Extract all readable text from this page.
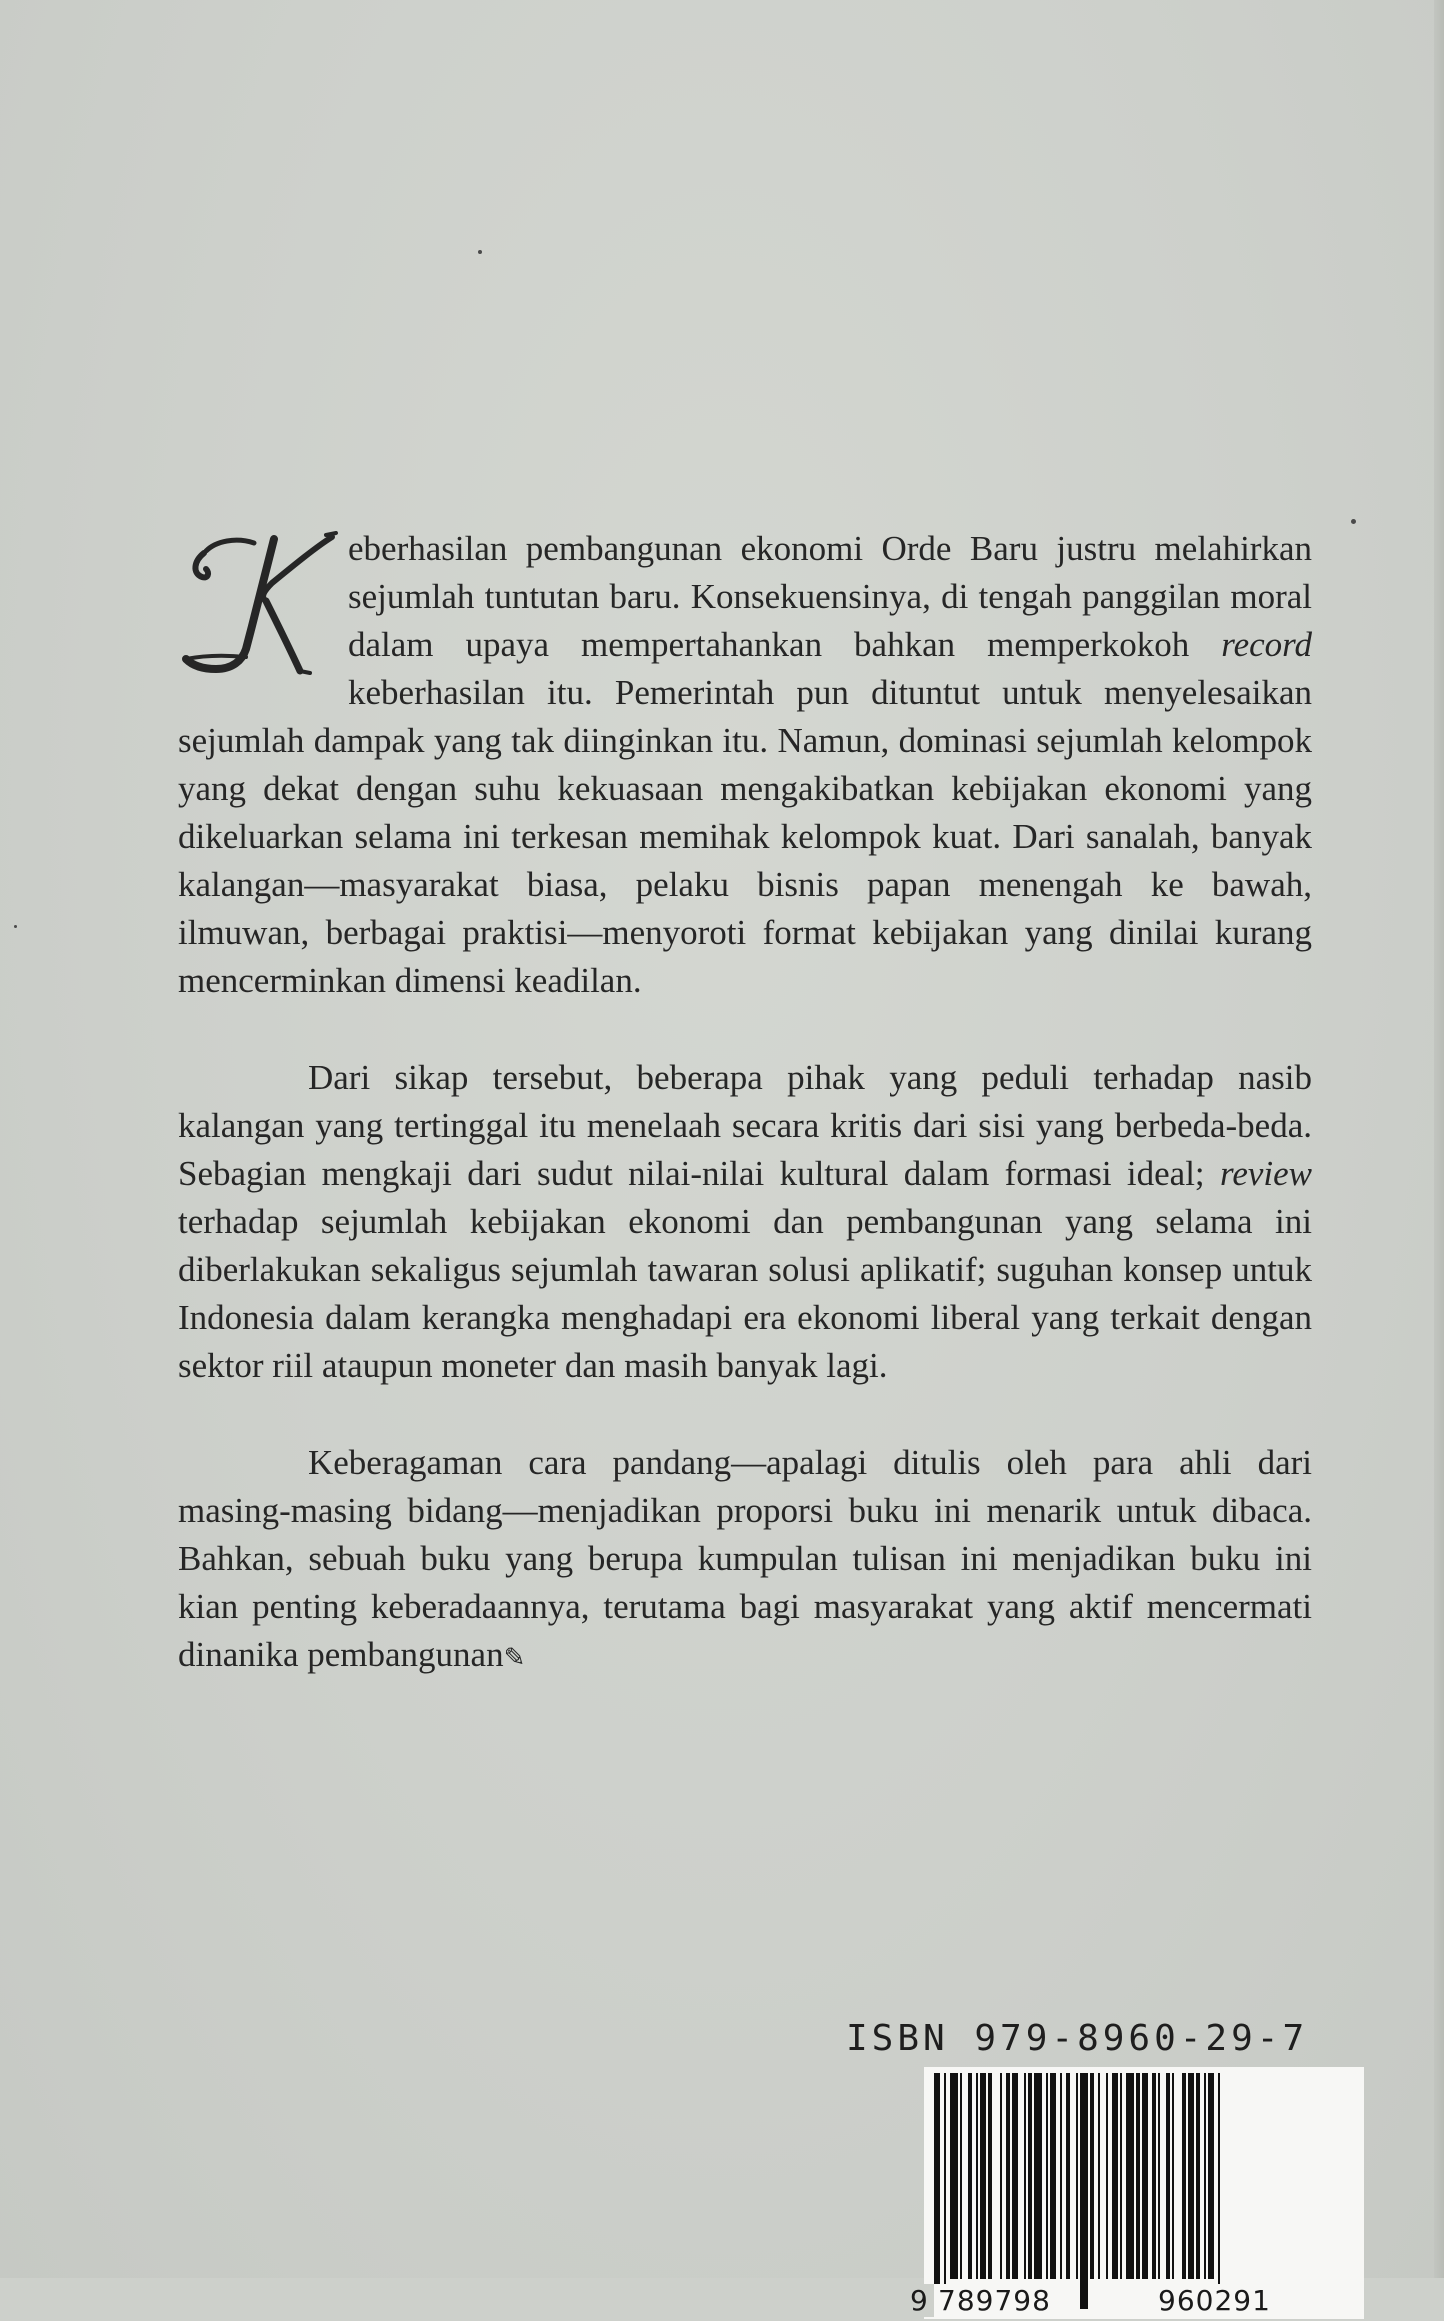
eberhasilan pembangunan ekonomi Orde Baru justru melahirkan sejumlah tuntutan baru. Konsekuensinya, di tengah panggilan moral dalam upaya mempertahankan bahkan memperkokoh record keberhasilan itu. Pemerintah pun dituntut untuk menyelesaikan sejumlah dampak yang tak diinginkan itu. Namun, dominasi sejumlah kelompok yang dekat dengan suhu kekuasaan mengakibatkan kebijakan ekonomi yang dikeluarkan selama ini terkesan memihak kelompok kuat. Dari sanalah, banyak kalangan—masyarakat biasa, pelaku bisnis papan menengah ke bawah, ilmuwan, berbagai praktisi—menyoroti format kebijakan yang dinilai kurang mencerminkan dimensi keadilan.

Dari sikap tersebut, beberapa pihak yang peduli terhadap nasib kalangan yang tertinggal itu menelaah secara kritis dari sisi yang berbeda-beda. Sebagian mengkaji dari sudut nilai-nilai kultural dalam formasi ideal; review terhadap sejumlah kebijakan ekonomi dan pembangunan yang selama ini diberlakukan sekaligus sejumlah tawaran solusi aplikatif; suguhan konsep untuk Indonesia dalam kerangka menghadapi era ekonomi liberal yang terkait dengan sektor riil ataupun moneter dan masih banyak lagi.

Keberagaman cara pandang—apalagi ditulis oleh para ahli dari masing-masing bidang—menjadikan proporsi buku ini menarik untuk dibaca. Bahkan, sebuah buku yang berupa kumpulan tulisan ini menjadikan buku ini kian penting keberadaannya, terutama bagi masyarakat yang aktif mencermati dinanika pembangunan✎

ISBN 979-8960-29-7
9 789798	960291
